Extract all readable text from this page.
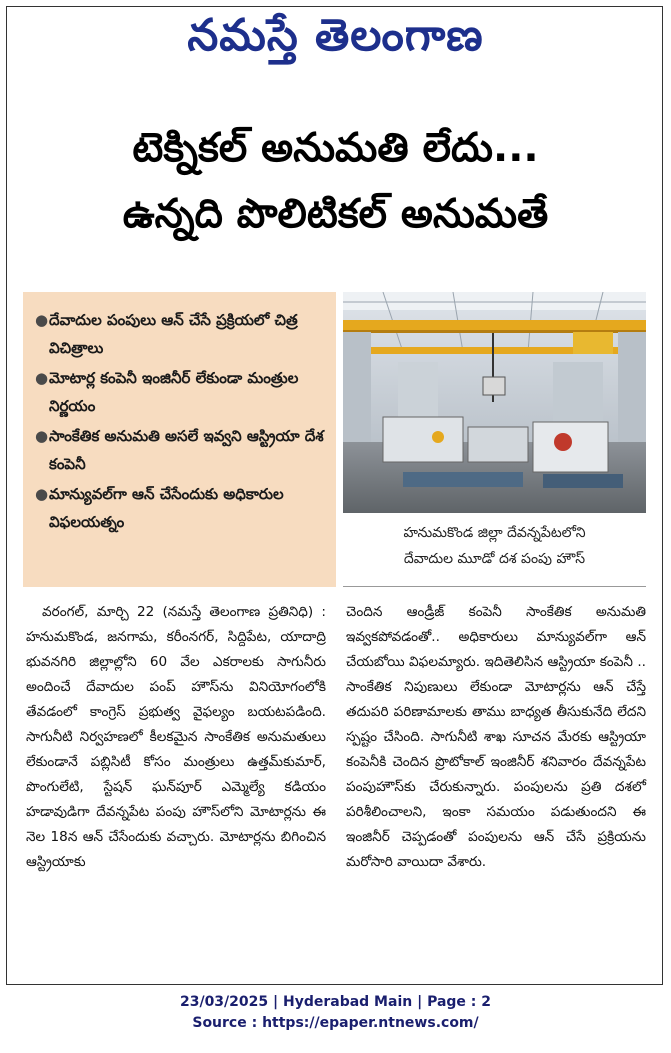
నమస్తే తెలంగాణ
టెక్నికల్ అనుమతి లేదు...
ఉన్నది పొలిటికల్ అనుమతే
● దేవాదుల పంపులు ఆన్ చేసే ప్రక్రియలో చిత్ర విచిత్రాలు
● మోటార్ల కంపెనీ ఇంజినీర్ లేకుండా మంత్రుల నిర్ణయం
● సాంకేతిక అనుమతి అసలే ఇవ్వని ఆస్ట్రియా దేశ కంపెనీ
● మాన్యువల్‌గా ఆన్ చేసేందుకు అధికారుల విఫలయత్నం
హనుమకొండ జిల్లా దేవన్నపేటలోని
దేవాదుల మూడో దశ పంపు హౌస్
వరంగల్, మార్చి 22 (నమస్తే తెలంగాణ ప్రతినిధి) : హనుమకొండ, జనగామ, కరీంనగర్, సిద్దిపేట, యాదాద్రి భువనగిరి జిల్లాల్లోని 60 వేల ఎకరాలకు సాగునీరు అందించే దేవాదుల పంప్ హౌస్‌ను వినియోగంలోకి తేవడంలో కాంగ్రెస్ ప్రభుత్వ వైఫల్యం బయటపడింది. సాగునీటి నిర్వహణలో కీలకమైన సాంకేతిక అనుమతులు లేకుండానే పబ్లిసిటీ కోసం మంత్రులు ఉత్తమ్‌కుమార్, పొంగులేటి, స్టేషన్ ఘన్‌పూర్ ఎమ్మెల్యే కడియం హడావుడిగా దేవన్నపేట పంపు హౌస్‌లోని మోటార్లను ఈ నెల 18న ఆన్ చేసేందుకు వచ్చారు. మోటార్లను బిగించిన ఆస్ట్రియాకు
చెందిన ఆండ్రీజ్ కంపెనీ సాంకేతిక అనుమతి ఇవ్వకపోవడంతో.. అధికారులు మాన్యువల్‌గా ఆన్ చేయబోయి విఫలమ్యారు. ఇదితెలిసిన ఆస్ట్రియా కంపెనీ .. సాంకేతిక నిపుణులు లేకుండా మోటార్లను ఆన్ చేస్తే తదుపరి పరిణామాలకు తాము బాధ్యత తీసుకునేది లేదని స్పష్టం చేసింది. సాగునీటి శాఖ సూచన మేరకు ఆస్ట్రియా కంపెనీకి చెందిన ప్రొటోకాల్ ఇంజినీర్ శనివారం దేవన్నపేట పంపుహౌస్‌కు చేరుకున్నారు. పంపులను ప్రతి దశలో పరిశీలించాలని, ఇంకా సమయం పడుతుందని ఈ ఇంజినీర్ చెప్పడంతో పంపులను ఆన్ చేసే ప్రక్రియను మరోసారి వాయిదా వేశారు.
23/03/2025 | Hyderabad Main | Page : 2
Source : https://epaper.ntnews.com/
